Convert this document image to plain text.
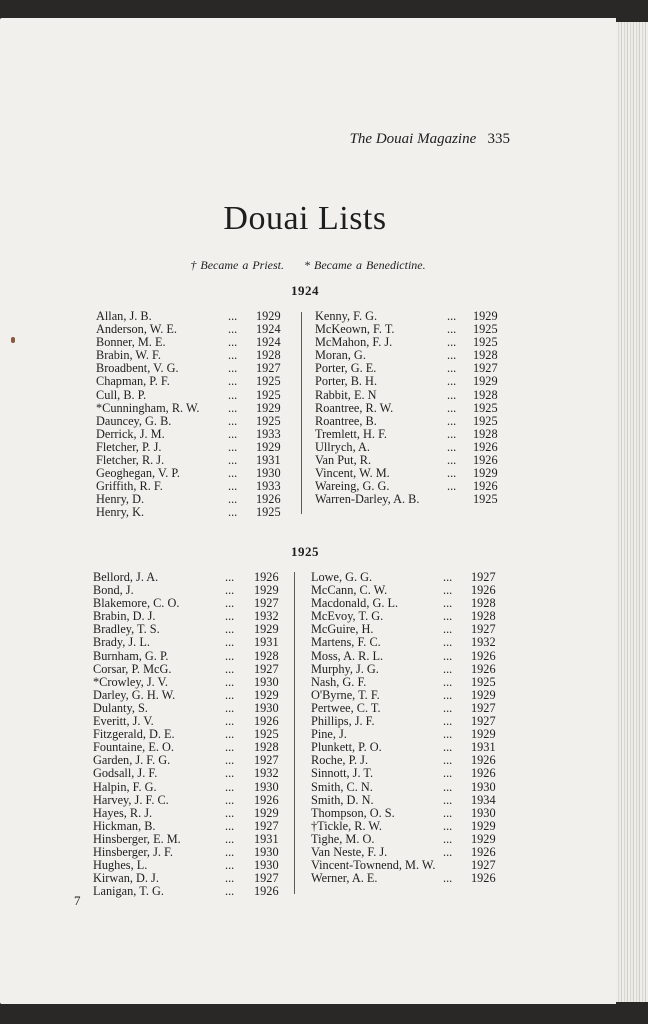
The Douai Magazine 335
Douai Lists
† Became a Priest. * Became a Benedictine.
1924
Allan, J. B.	... 1929
Anderson, W. E.	... 1924
Bonner, M. E.	... 1924
Brabin, W. F.	... 1928
Broadbent, V. G.	... 1927
Chapman, P. F.	... 1925
Cull, B. P.	... 1925
*Cunningham, R. W. ... 1929
Dauncey, G. B.	... 1925
Derrick, J. M.	... 1933
Fletcher, P. J.	... 1929
Fletcher, R. J.	... 1931
Geoghegan, V. P.	... 1930
Griffith, R. F.	... 1933
Henry, D.	... 1926
Henry, K.	... 1925
Kenny, F. G.	... 1929
McKeown, F. T.	... 1925
McMahon, F. J.	... 1925
Moran, G.	... 1928
Porter, G. E.	... 1927
Porter, B. H.	... 1929
Rabbit, E. N	... 1928
Roantree, R. W.	... 1925
Roantree, B.	... 1925
Tremlett, H. F.	... 1928
Ullrych, A.	... 1926
Van Put, R.	... 1926
Vincent, W. M.	... 1929
Wareing, G. G.	... 1926
Warren-Darley, A. B.	1925
1925
Bellord, J. A.	... 1926
Bond, J.	... 1929
Blakemore, C. O.	... 1927
Brabin, D. J.	... 1932
Bradley, T. S.	... 1929
Brady, J. L.	... 1931
Burnham, G. P.	... 1928
Corsar, P. McG.	... 1927
*Crowley, J. V.	... 1930
Darley, G. H. W.	... 1929
Dulanty, S.	... 1930
Everitt, J. V.	... 1926
Fitzgerald, D. E.	... 1925
Fountaine, E. O.	... 1928
Garden, J. F. G.	... 1927
Godsall, J. F.	... 1932
Halpin, F. G.	... 1930
Harvey, J. F. C.	... 1926
Hayes, R. J.	... 1929
Hickman, B.	... 1927
Hinsberger, E. M.	... 1931
Hinsberger, J. F.	... 1930
Hughes, L.	... 1930
Kirwan, D. J.	... 1927
Lanigan, T. G.	... 1926
Lowe, G. G.	... 1927
McCann, C. W.	... 1926
Macdonald, G. L.	... 1928
McEvoy, T. G.	... 1928
McGuire, H.	... 1927
Martens, F. C.	... 1932
Moss, A. R. L.	... 1926
Murphy, J. G.	... 1926
Nash, G. F.	... 1925
O'Byrne, T. F.	... 1929
Pertwee, C. T.	... 1927
Phillips, J. F.	... 1927
Pine, J.	... 1929
Plunkett, P. O.	... 1931
Roche, P. J.	... 1926
Sinnott, J. T.	... 1926
Smith, C. N.	... 1930
Smith, D. N.	... 1934
Thompson, O. S.	... 1930
†Tickle, R. W.	... 1929
Tighe, M. O.	... 1929
Van Neste, F. J.	... 1926
Vincent-Townend, M. W.	1927
Werner, A. E.	... 1926
7
